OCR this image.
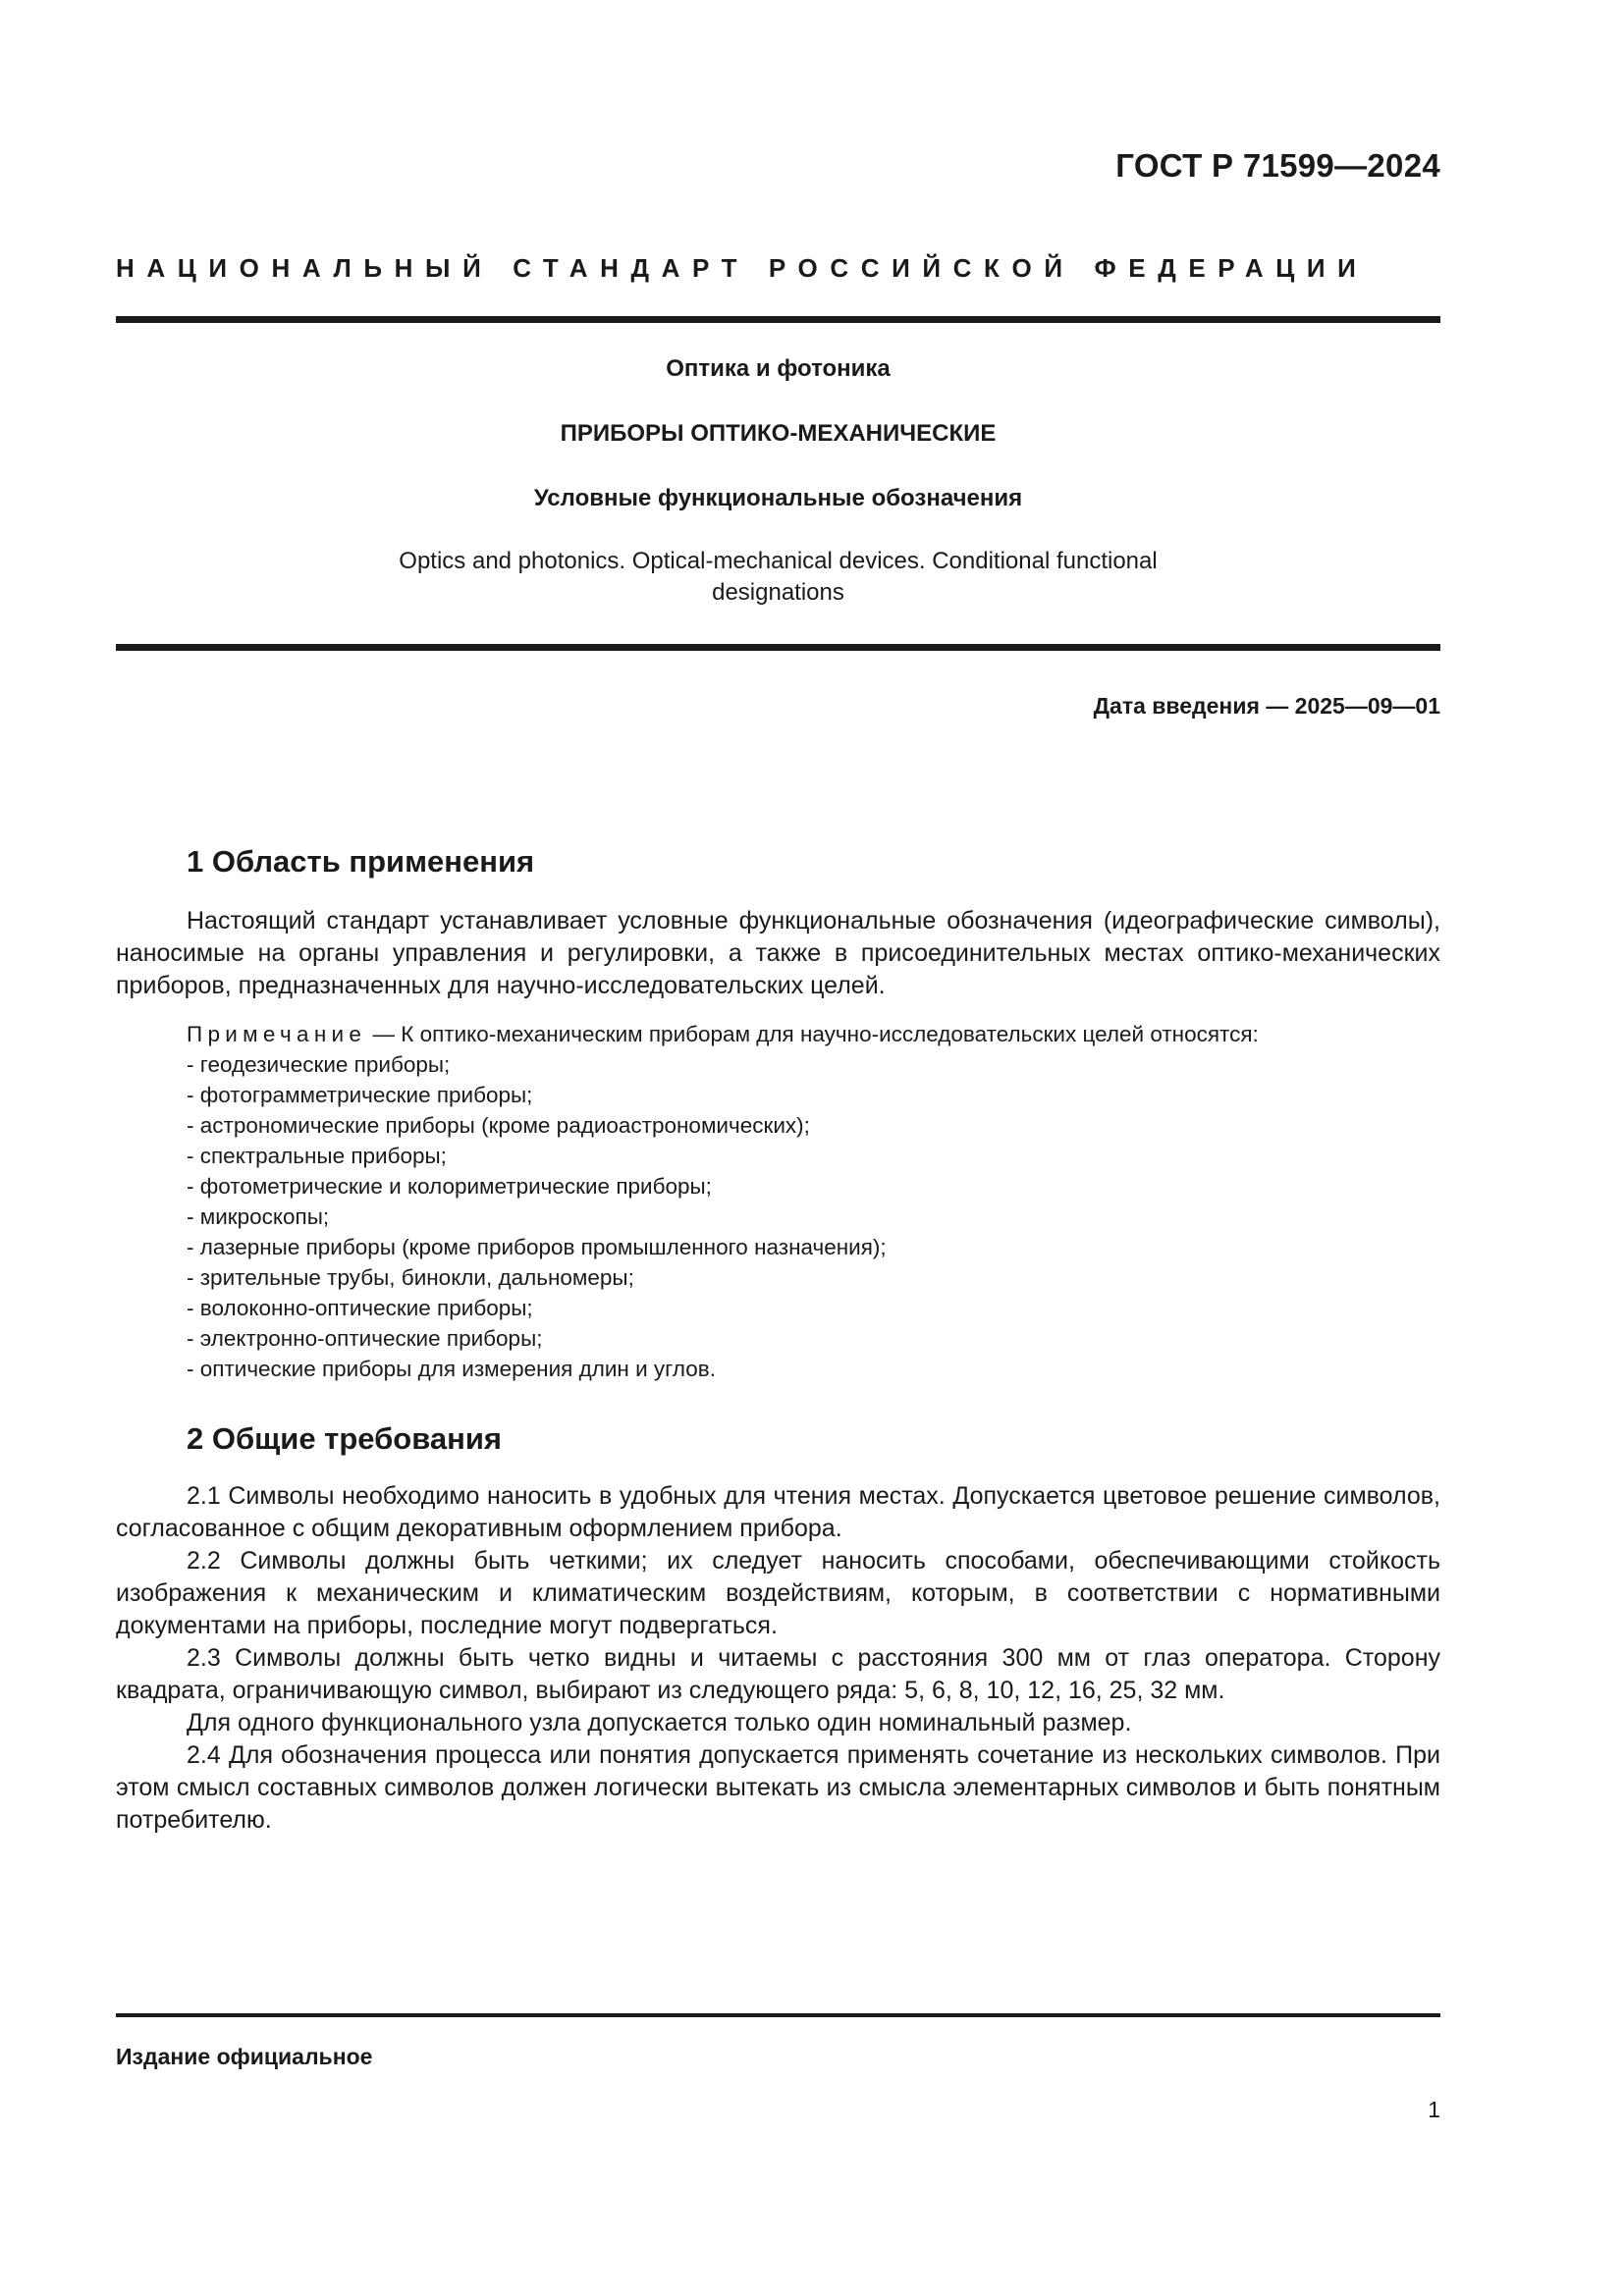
ГОСТ Р 71599—2024
НАЦИОНАЛЬНЫЙ СТАНДАРТ РОССИЙСКОЙ ФЕДЕРАЦИИ
Оптика и фотоника
ПРИБОРЫ ОПТИКО-МЕХАНИЧЕСКИЕ
Условные функциональные обозначения
Optics and photonics. Optical-mechanical devices. Conditional functional
designations
Дата введения — 2025—09—01
1 Область применения
Настоящий стандарт устанавливает условные функциональные обозначения (идеографические символы), наносимые на органы управления и регулировки, а также в присоединительных местах оптико-механических приборов, предназначенных для научно-исследовательских целей.
Примечание — К оптико-механическим приборам для научно-исследовательских целей относятся:
- геодезические приборы;
- фотограмметрические приборы;
- астрономические приборы (кроме радиоастрономических);
- спектральные приборы;
- фотометрические и колориметрические приборы;
- микроскопы;
- лазерные приборы (кроме приборов промышленного назначения);
- зрительные трубы, бинокли, дальномеры;
- волоконно-оптические приборы;
- электронно-оптические приборы;
- оптические приборы для измерения длин и углов.
2 Общие требования
2.1 Символы необходимо наносить в удобных для чтения местах. Допускается цветовое решение символов, согласованное с общим декоративным оформлением прибора.
2.2 Символы должны быть четкими; их следует наносить способами, обеспечивающими стойкость изображения к механическим и климатическим воздействиям, которым, в соответствии с нормативными документами на приборы, последние могут подвергаться.
2.3 Символы должны быть четко видны и читаемы с расстояния 300 мм от глаз оператора. Сторону квадрата, ограничивающую символ, выбирают из следующего ряда: 5, 6, 8, 10, 12, 16, 25, 32 мм.
Для одного функционального узла допускается только один номинальный размер.
2.4 Для обозначения процесса или понятия допускается применять сочетание из нескольких символов. При этом смысл составных символов должен логически вытекать из смысла элементарных символов и быть понятным потребителю.
Издание официальное
1
